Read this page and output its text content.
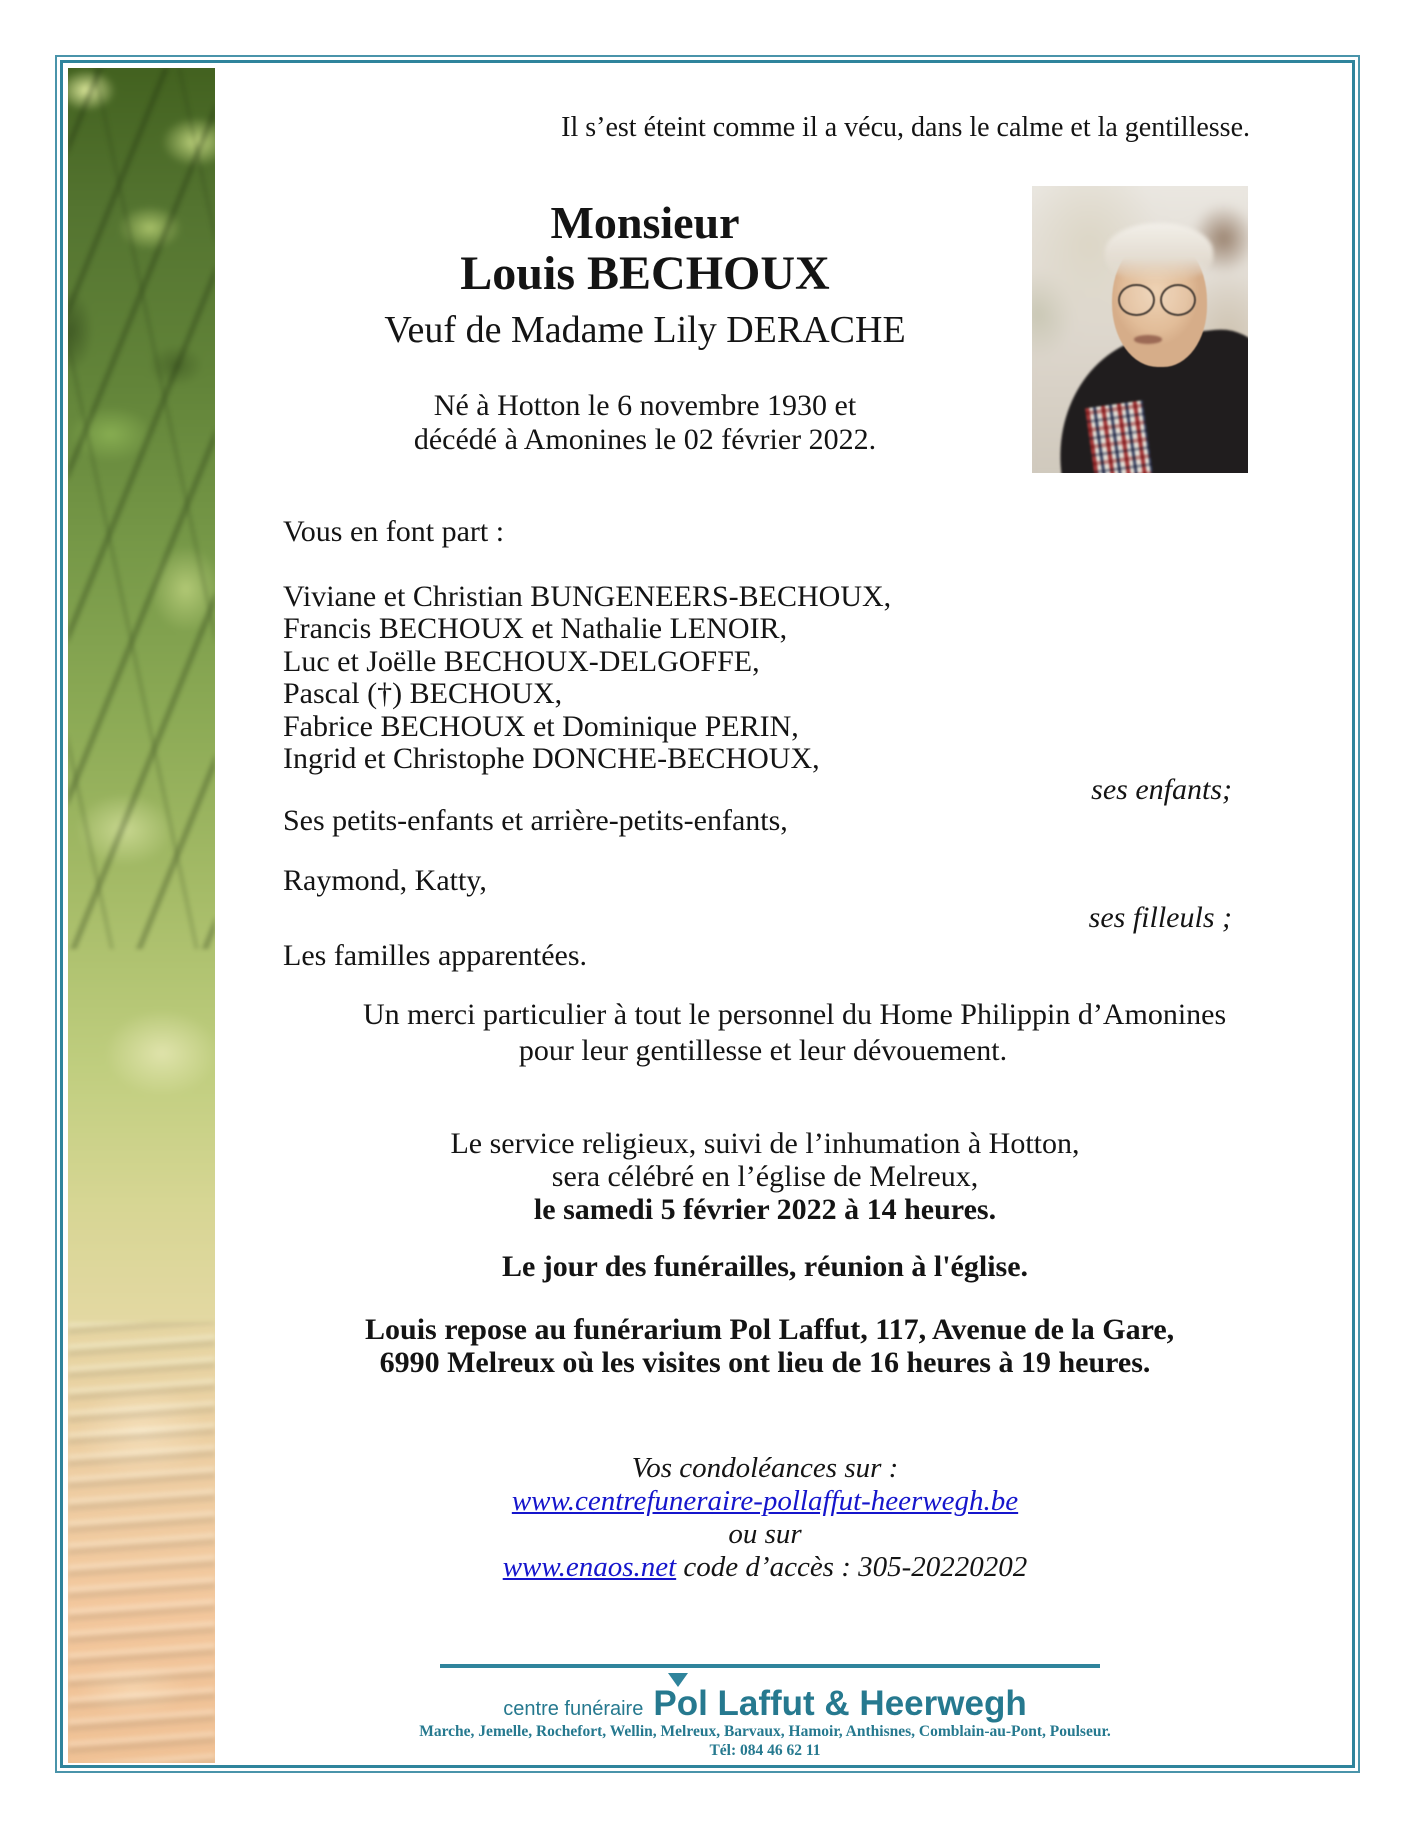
Il s’est éteint comme il a vécu, dans le calme et la gentillesse.
Monsieur
Louis BECHOUX
Veuf de Madame Lily DERACHE
Né à Hotton le 6 novembre 1930 et
décédé à Amonines le 02 février 2022.
Vous en font part :
Viviane et Christian BUNGENEERS-BECHOUX,
Francis BECHOUX et Nathalie LENOIR,
Luc et Joëlle BECHOUX-DELGOFFE,
Pascal (†) BECHOUX,
Fabrice BECHOUX et Dominique PERIN,
Ingrid et Christophe DONCHE-BECHOUX,
ses enfants;
Ses petits-enfants et arrière-petits-enfants,
Raymond, Katty,
ses filleuls ;
Les familles apparentées.
Un merci particulier à tout le personnel du Home Philippin d’Amonines
pour leur gentillesse et leur dévouement.
Le service religieux, suivi de l’inhumation à Hotton,
sera célébré en l’église de Melreux,
le samedi 5 février 2022 à 14 heures.
Le jour des funérailles, réunion à l'église.
Louis repose au funérarium Pol Laffut, 117, Avenue de la Gare,
6990 Melreux où les visites ont lieu de 16 heures à 19 heures.
Vos condoléances sur :
www.centrefuneraire-pollaffut-heerwegh.be
ou sur
www.enaos.net code d’accès : 305-20220202
centre funéraire Pol Laffut & Heerwegh
Marche, Jemelle, Rochefort, Wellin, Melreux, Barvaux, Hamoir, Anthisnes, Comblain-au-Pont, Poulseur.
Tél: 084 46 62 11
